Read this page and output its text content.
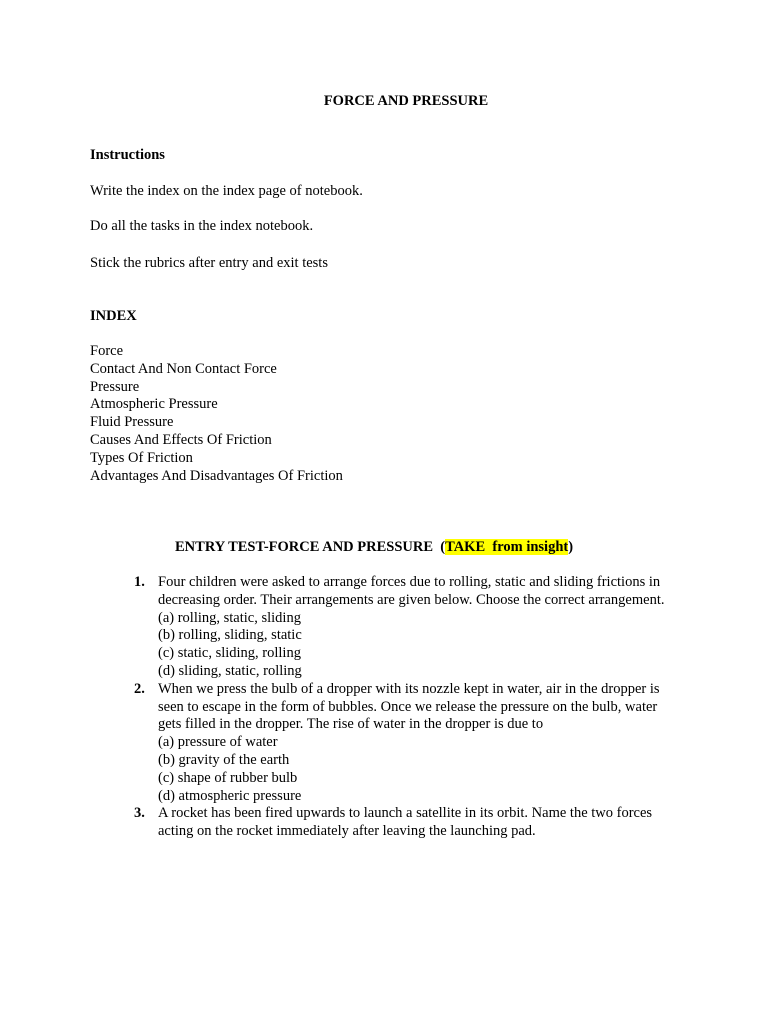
FORCE AND PRESSURE
Instructions
Write the index on the index page of notebook.
Do all the tasks in the index notebook.
Stick the rubrics after entry and exit tests
INDEX
Force
Contact And Non Contact Force
Pressure
Atmospheric Pressure
Fluid Pressure
Causes And Effects Of Friction
Types Of Friction
Advantages And Disadvantages Of Friction
ENTRY TEST-FORCE AND PRESSURE  (TAKE  from insight)
1. Four children were asked to arrange forces due to rolling, static and sliding frictions in decreasing order. Their arrangements are given below. Choose the correct arrangement.
(a) rolling, static, sliding
(b) rolling, sliding, static
(c) static, sliding, rolling
(d) sliding, static, rolling
2. When we press the bulb of a dropper with its nozzle kept in water, air in the dropper is seen to escape in the form of bubbles. Once we release the pressure on the bulb, water gets filled in the dropper. The rise of water in the dropper is due to
(a) pressure of water
(b) gravity of the earth
(c) shape of rubber bulb
(d) atmospheric pressure
3. A rocket has been fired upwards to launch a satellite in its orbit. Name the two forces acting on the rocket immediately after leaving the launching pad.
